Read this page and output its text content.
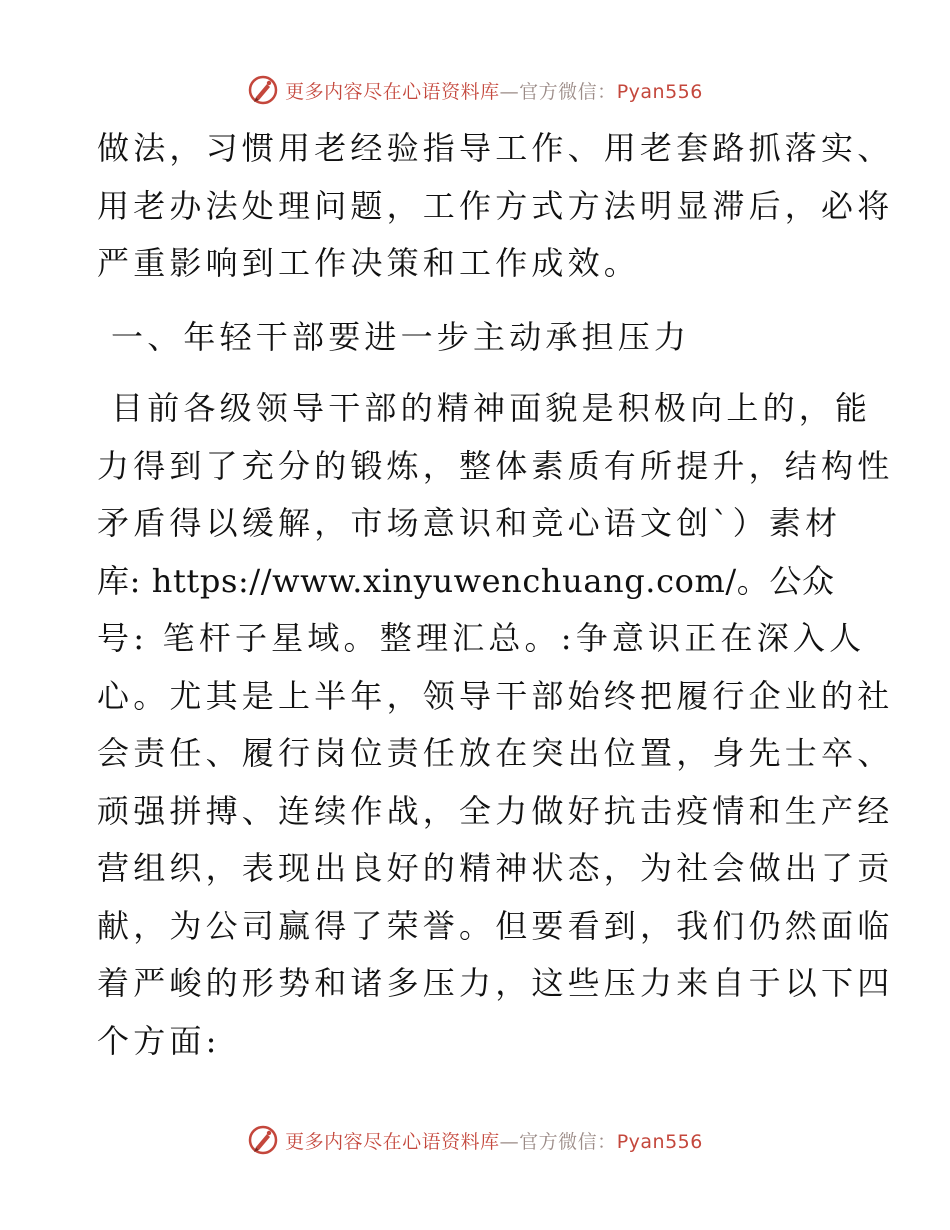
更多内容尽在心语资料库—官方微信：Pyan556
做法，习惯用老经验指导工作、用老套路抓落实、
用老办法处理问题，工作方式方法明显滞后，必将
严重影响到工作决策和工作成效。
一、年轻干部要进一步主动承担压力
目前各级领导干部的精神面貌是积极向上的，能
力得到了充分的锻炼，整体素质有所提升，结构性
矛盾得以缓解，市场意识和竞心语文创`）素材
库: https://www.xinyuwenchuang.com/。公众
号: 笔杆子星域。整理汇总。:争意识正在深入人
心。尤其是上半年，领导干部始终把履行企业的社
会责任、履行岗位责任放在突出位置，身先士卒、
顽强拼搏、连续作战，全力做好抗击疫情和生产经
营组织，表现出良好的精神状态，为社会做出了贡
献，为公司赢得了荣誉。但要看到，我们仍然面临
着严峻的形势和诸多压力，这些压力来自于以下四
个方面:
更多内容尽在心语资料库—官方微信：Pyan556
